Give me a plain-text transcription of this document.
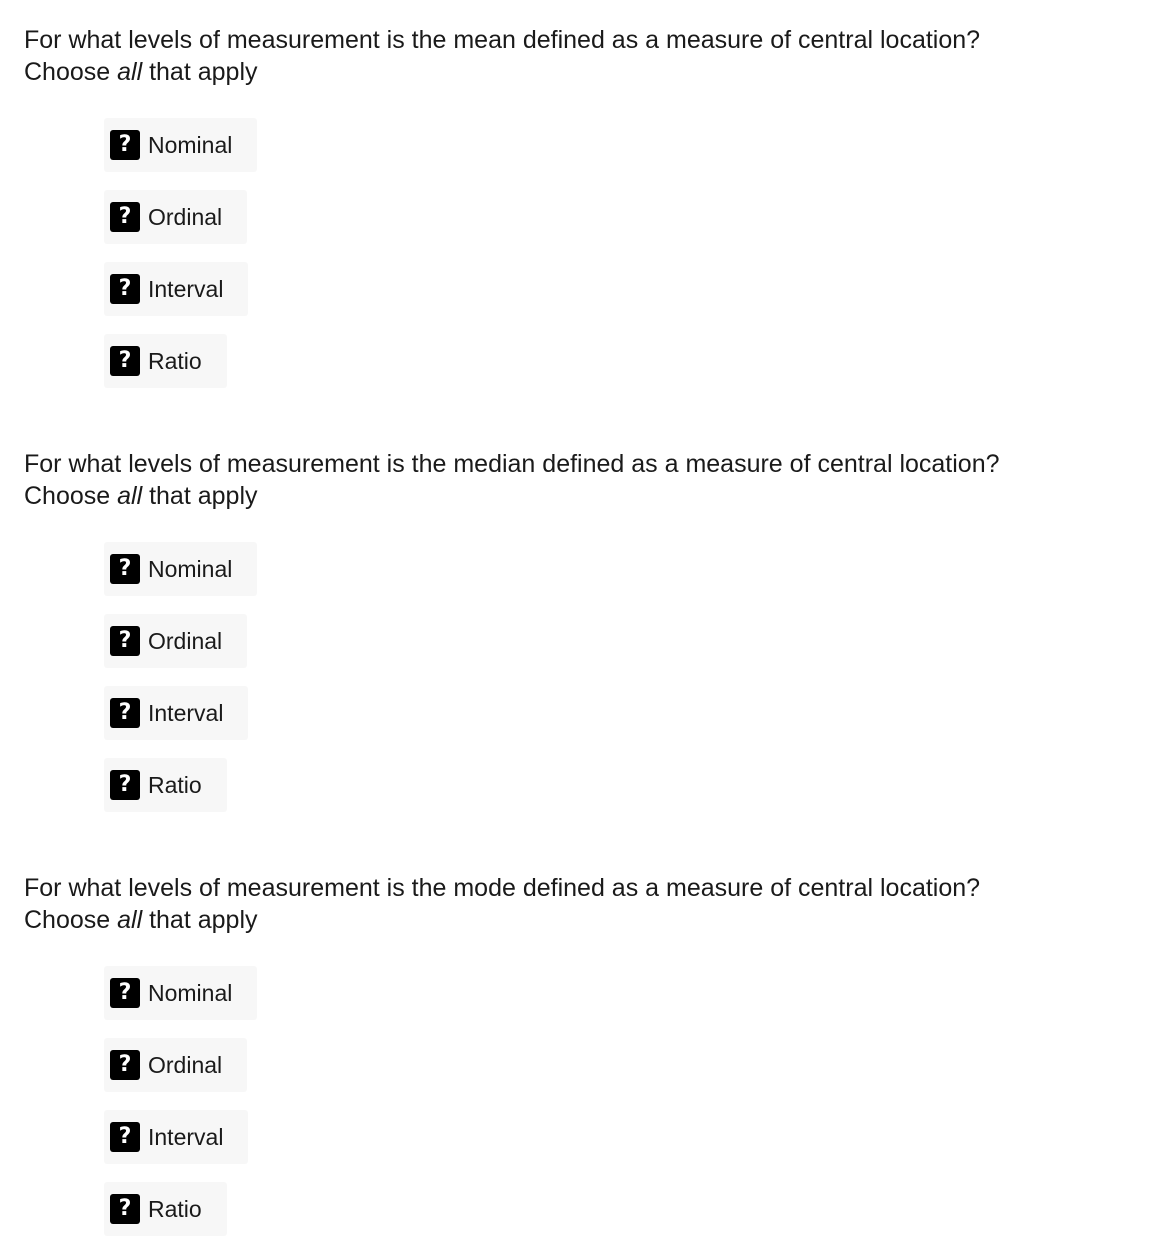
For what levels of measurement is the mean defined as a measure of central location?
Choose all that apply

? Nominal
? Ordinal
? Interval
? Ratio

For what levels of measurement is the median defined as a measure of central location?
Choose all that apply

? Nominal
? Ordinal
? Interval
? Ratio

For what levels of measurement is the mode defined as a measure of central location?
Choose all that apply

? Nominal
? Ordinal
? Interval
? Ratio
